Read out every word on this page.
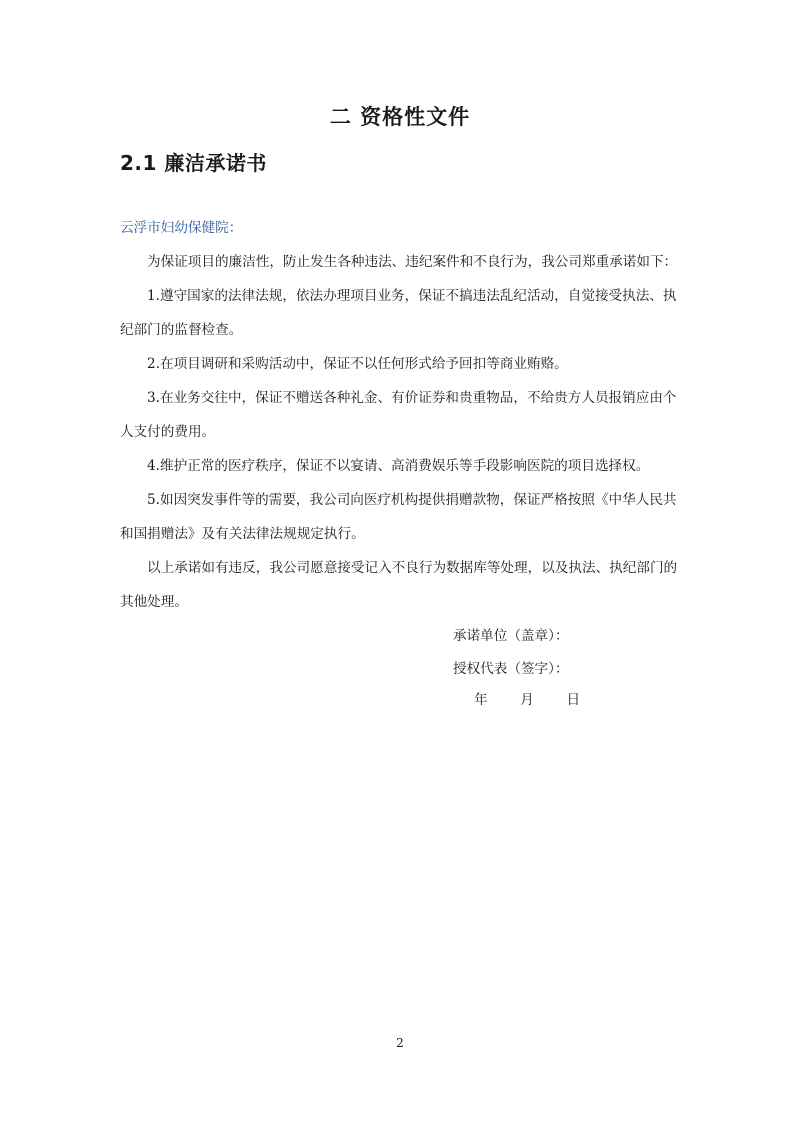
二 资格性文件
2.1 廉洁承诺书
云浮市妇幼保健院：

为保证项目的廉洁性，防止发生各种违法、违纪案件和不良行为，我公司郑重承诺如下：

1.遵守国家的法律法规，依法办理项目业务，保证不搞违法乱纪活动，自觉接受执法、执纪部门的监督检查。

2.在项目调研和采购活动中，保证不以任何形式给予回扣等商业贿赂。

3.在业务交往中，保证不赠送各种礼金、有价证券和贵重物品，不给贵方人员报销应由个人支付的费用。

4.维护正常的医疗秩序，保证不以宴请、高消费娱乐等手段影响医院的项目选择权。

5.如因突发事件等的需要，我公司向医疗机构提供捐赠款物，保证严格按照《中华人民共和国捐赠法》及有关法律法规规定执行。

以上承诺如有违反，我公司愿意接受记入不良行为数据库等处理，以及执法、执纪部门的其他处理。

承诺单位（盖章）：
授权代表（签字）：
年 月 日
2
